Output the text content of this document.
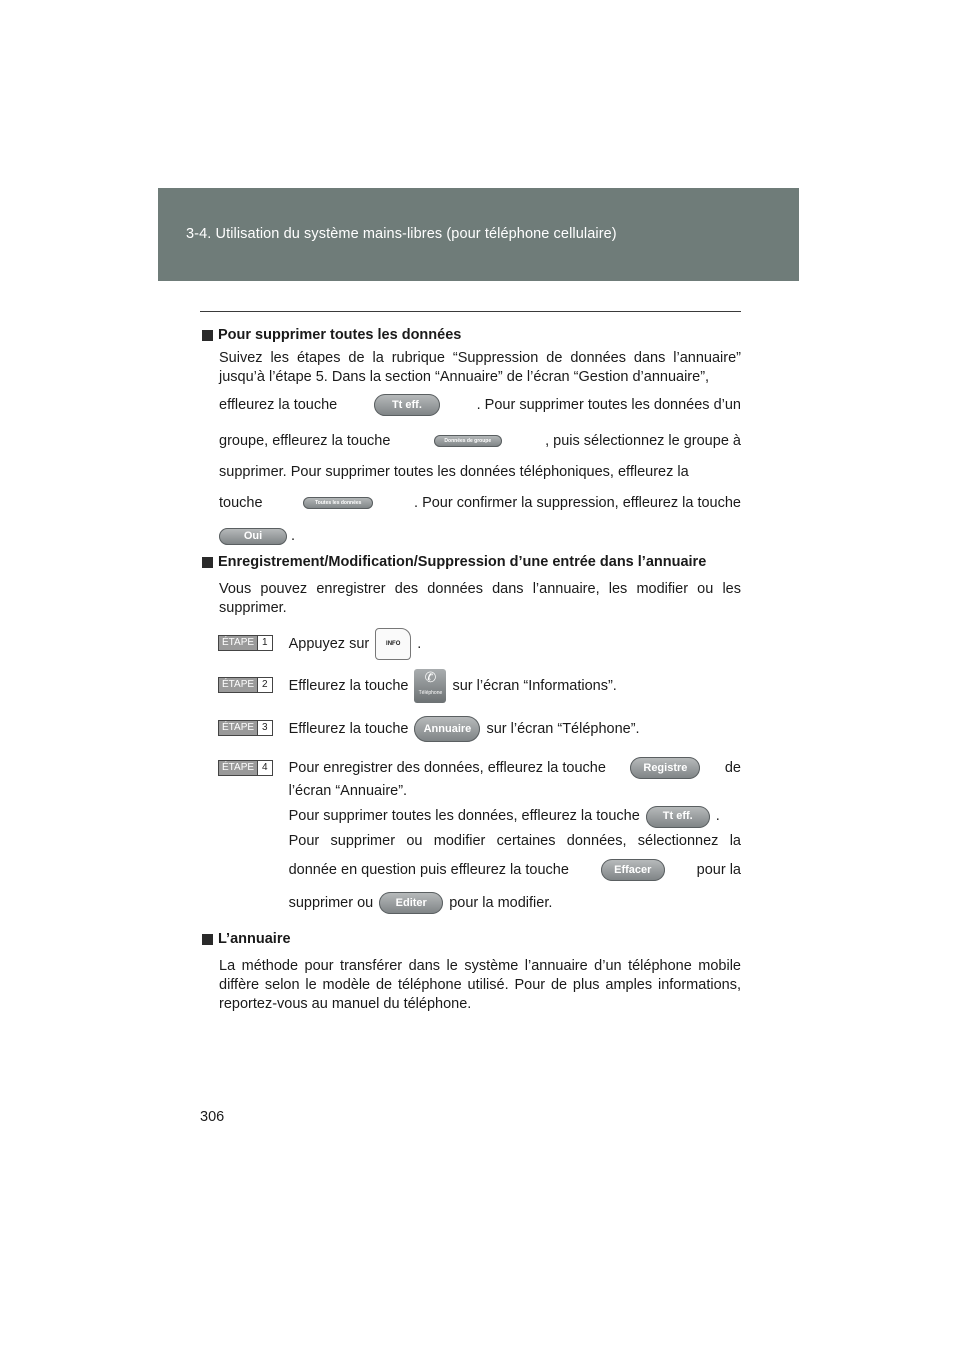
3-4. Utilisation du système mains-libres (pour téléphone cellulaire)

Pour supprimer toutes les données

Suivez les étapes de la rubrique “Suppression de données dans l’annuaire” jusqu’à l’étape 5. Dans la section “Annuaire” de l’écran “Gestion d’annuaire”,

effleurez la touche	Tt eff.	. Pour supprimer toutes les données d’un
groupe, effleurez la touche	Données de groupe	, puis sélectionnez le groupe à
supprimer. Pour supprimer toutes les données téléphoniques, effleurez la
touche	Toutes les données	. Pour confirmer la suppression, effleurez la touche
Oui	.

Enregistrement/Modification/Suppression d’une entrée dans l’annuaire

Vous pouvez enregistrer des données dans l’annuaire, les modifier ou les supprimer.

ÉTAPE 1 Appuyez sur	INFO	.
ÉTAPE 2 Effleurez la touche
✆
Téléphone sur l’écran “Informations”.
ÉTAPE 3 Effleurez la touche	Annuaire	sur l’écran “Téléphone”.
ÉTAPE 4 Pour enregistrer des données, effleurez la touche	Registre	de
l’écran “Annuaire”.
Pour supprimer toutes les données, effleurez la touche	Tt eff.	.
Pour supprimer ou modifier certaines données, sélectionnez la
donnée en question puis effleurez la touche	Effacer	pour la
supprimer ou	Editer	pour la modifier.

L’annuaire

La méthode pour transférer dans le système l’annuaire d’un téléphone mobile diffère selon le modèle de téléphone utilisé. Pour de plus amples informations, reportez-vous au manuel du téléphone.

306
